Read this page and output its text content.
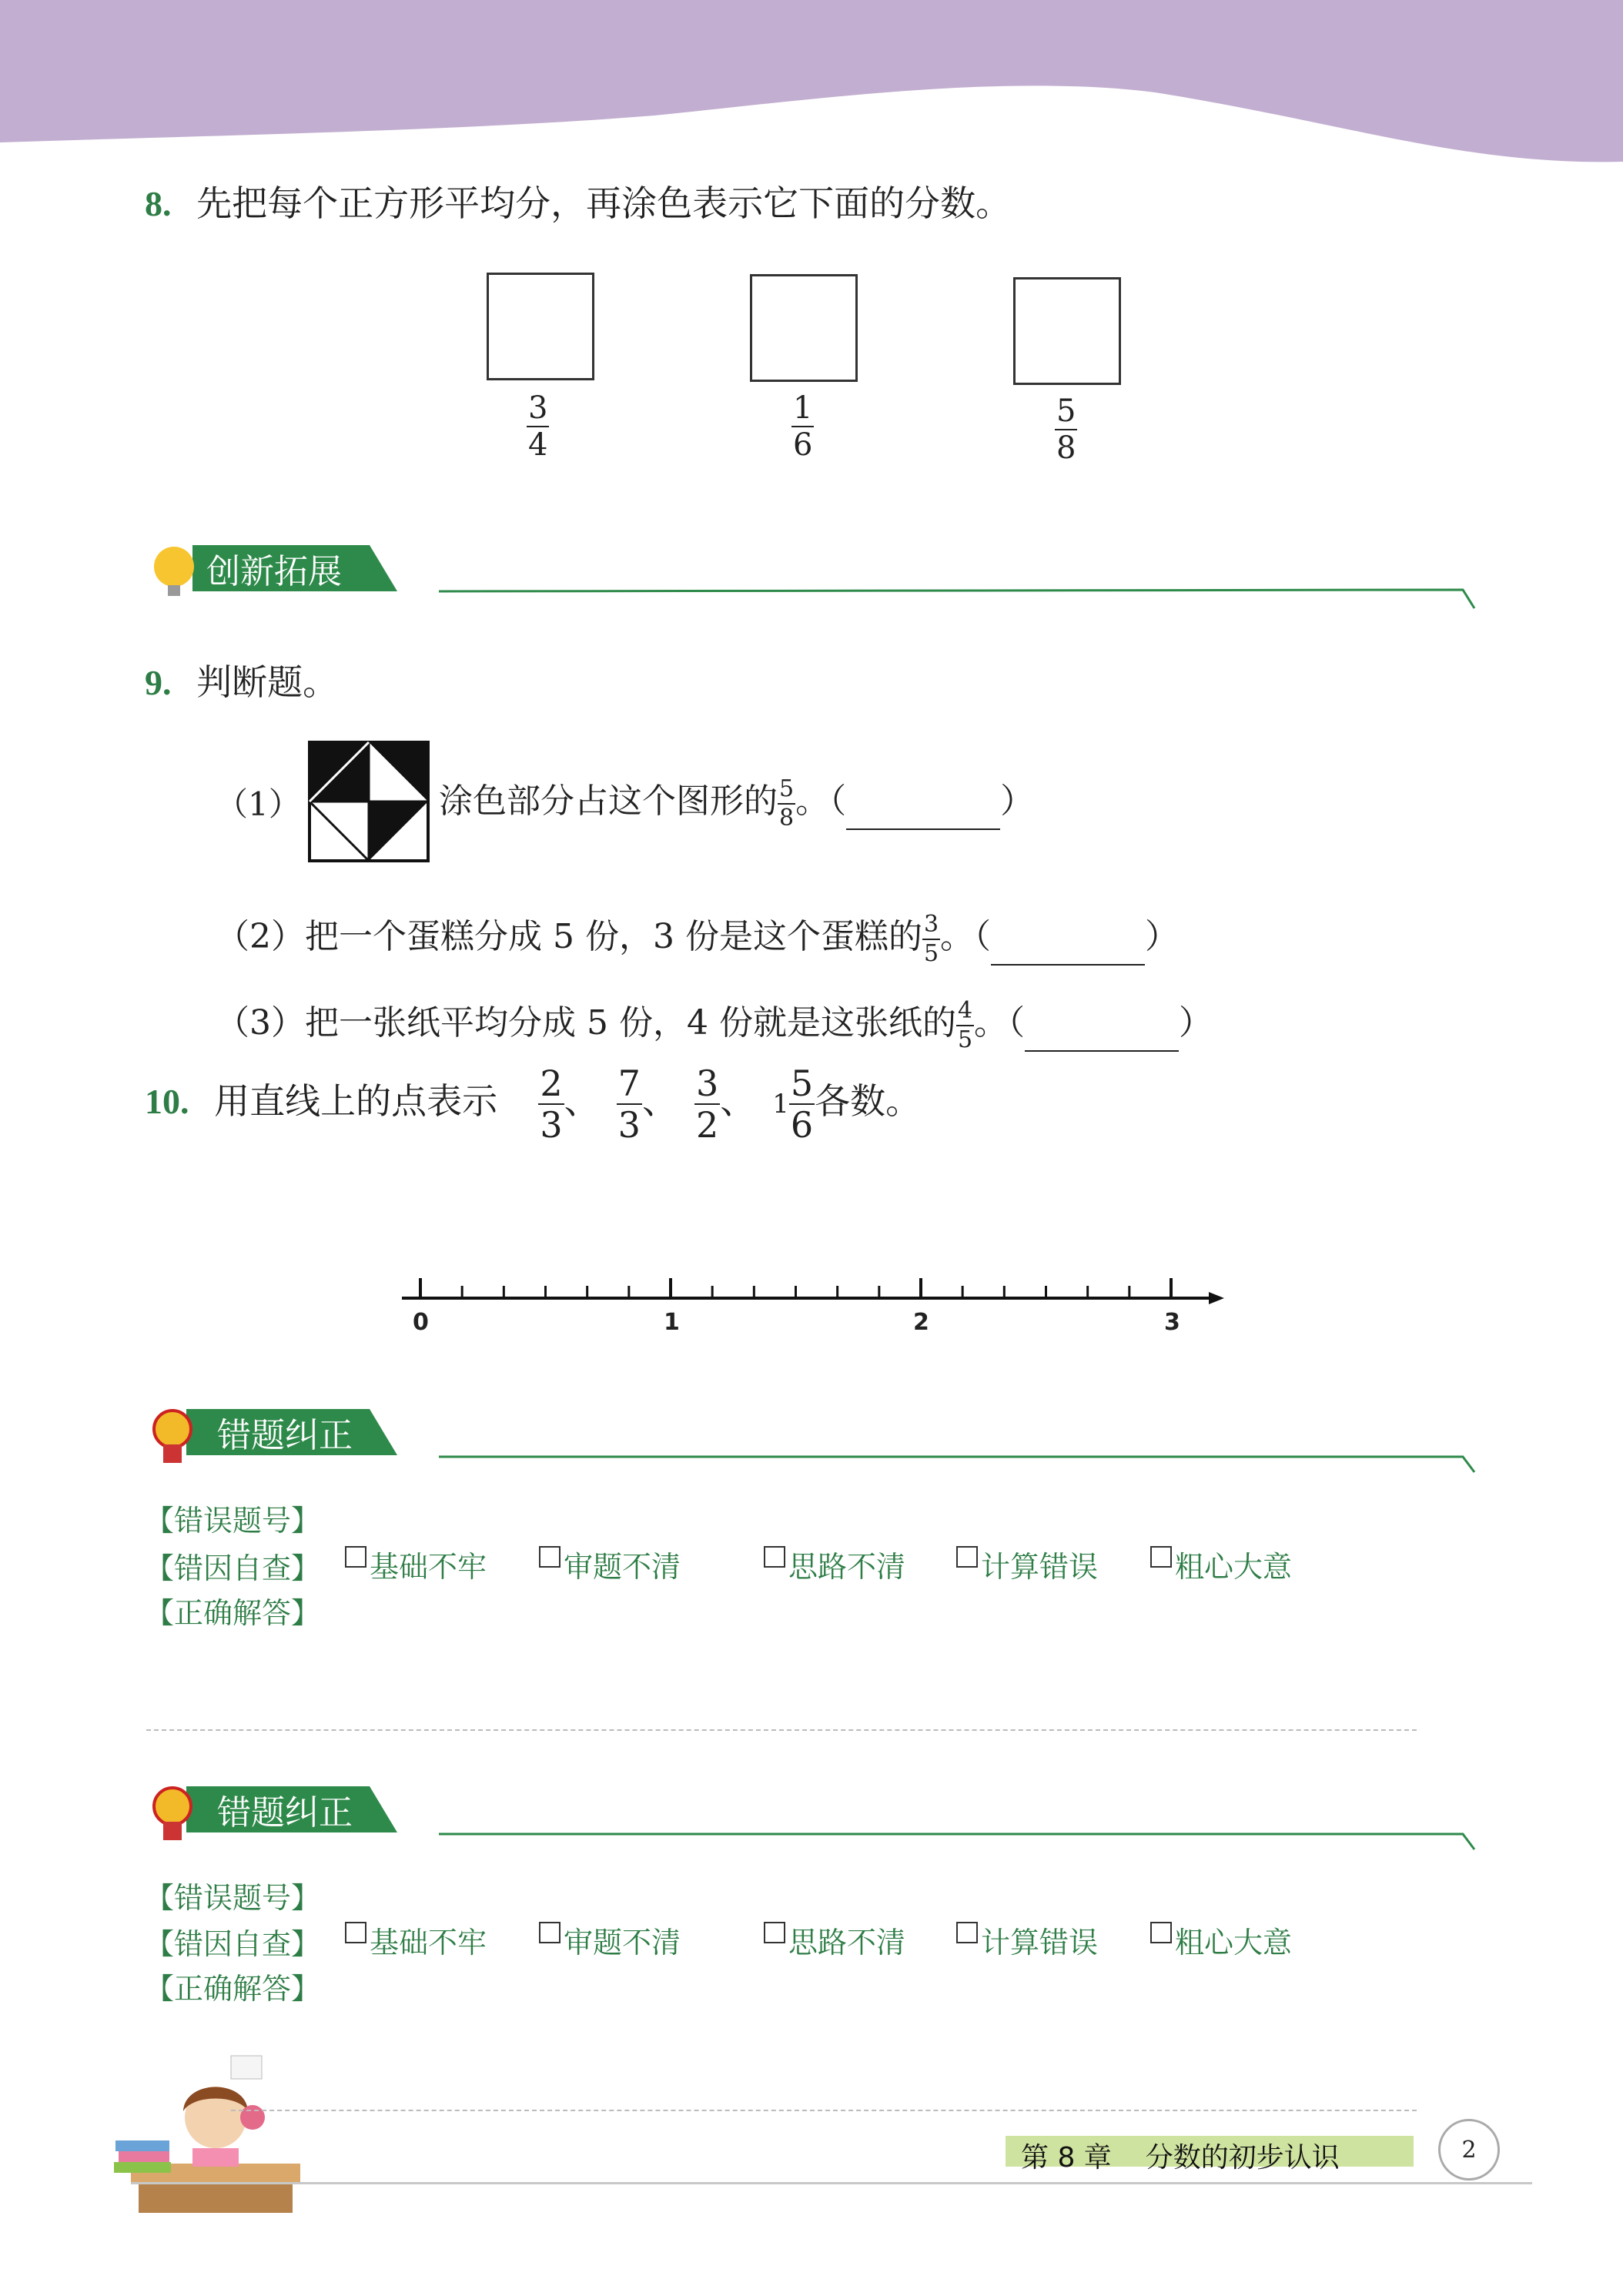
8. 先把每个正方形平均分，再涂色表示它下面的分数。
$\frac{3}{4}$	$\frac{1}{6}$	$\frac{5}{8}$
创新拓展
9. 判断题。
（1）	涂色部分占这个图形的 $\frac{5}{8}$ 。（	）
（2）把一个蛋糕分成 5 份，3 份是这个蛋糕的 $\frac{3}{5}$ 。（	）
（3）把一张纸平均分成 5 份，4 份就是这张纸的 $\frac{4}{5}$ 。（	）
10. 用直线上的点表示 $\frac{2}{3}$ 、 $\frac{7}{3}$ 、 $\frac{3}{2}$ 、 $1 \frac{5}{6}$ 各数。
0	1	2	3
错题纠正
【错误题号】
【错因自查】
【正确解答】
基础不牢	审题不清	思路不清	计算错误	粗心大意
错题纠正
【错误题号】
【错因自查】
【正确解答】
基础不牢	审题不清	思路不清	计算错误	粗心大意
第 8 章 分数的初步认识	2
